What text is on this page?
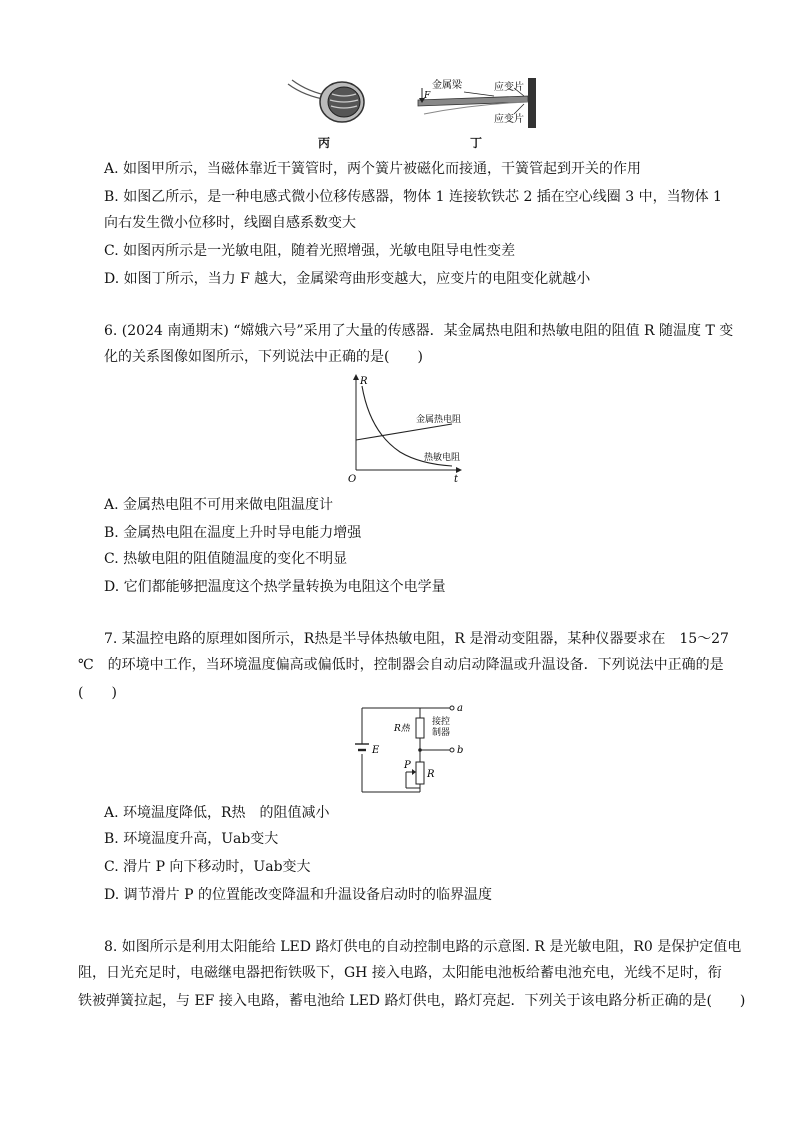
丙
金属梁
F
应变片
应变片
丁
A. 如图甲所示，当磁体靠近干簧管时，两个簧片被磁化而接通，干簧管起到开关的作用
B. 如图乙所示，是一种电感式微小位移传感器，物体 1 连接软铁芯 2 插在空心线圈 3 中，当物体 1
向右发生微小位移时，线圈自感系数变大
C. 如图丙所示是一光敏电阻，随着光照增强，光敏电阻导电性变差
D. 如图丁所示，当力 F 越大，金属梁弯曲形变越大，应变片的电阻变化就越小
6. (2024 南通期末) “嫦娥六号”采用了大量的传感器．某金属热电阻和热敏电阻的阻值 R 随温度 T 变
化的关系图像如图所示，下列说法中正确的是(　　)
R
t
O
金属热电阻
热敏电阻
A. 金属热电阻不可用来做电阻温度计
B. 金属热电阻在温度上升时导电能力增强
C. 热敏电阻的阻值随温度的变化不明显
D. 它们都能够把温度这个热学量转换为电阻这个电学量
7. 某温控电路的原理如图所示，R热是半导体热敏电阻，R 是滑动变阻器，某种仪器要求在　15～27
℃　的环境中工作，当环境温度偏高或偏低时，控制器会自动启动降温或升温设备．下列说法中正确的是
(　　)
a
b
E
R热
P
R
接控
制器
A. 环境温度降低，R热　的阻值减小
B. 环境温度升高，Uab变大
C. 滑片 P 向下移动时，Uab变大
D. 调节滑片 P 的位置能改变降温和升温设备启动时的临界温度
8. 如图所示是利用太阳能给 LED 路灯供电的自动控制电路的示意图. R 是光敏电阻，R0 是保护定值电
阻，日光充足时，电磁继电器把衔铁吸下，GH 接入电路，太阳能电池板给蓄电池充电，光线不足时，衔
铁被弹簧拉起，与 EF 接入电路，蓄电池给 LED 路灯供电，路灯亮起．下列关于该电路分析正确的是(　　)
